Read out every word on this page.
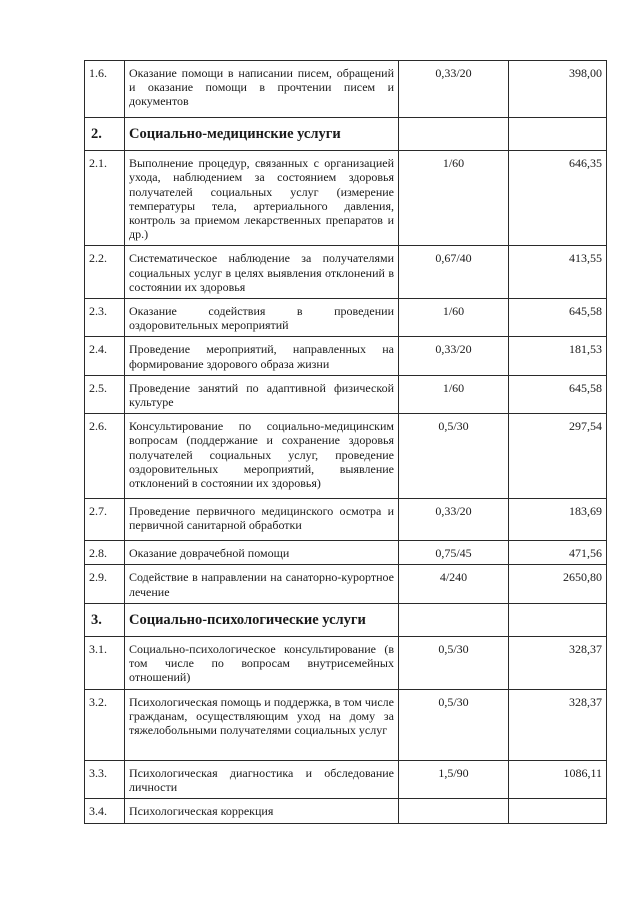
1.6.	Оказание помощи в написании писем, обращений и оказание помощи в прочтении писем и документов	0,33/20	398,00
2.	Социально-медицинские услуги		
2.1.	Выполнение процедур, связанных с организацией ухода, наблюдением за состоянием здоровья получателей социальных услуг (измерение температуры тела, артериального давления, контроль за приемом лекарственных препаратов и др.)	1/60	646,35
2.2.	Систематическое наблюдение за получателями социальных услуг в целях выявления отклонений в состоянии их здоровья	0,67/40	413,55
2.3.	Оказание содействия в проведении оздоровительных мероприятий	1/60	645,58
2.4.	Проведение мероприятий, направленных на формирование здорового образа жизни	0,33/20	181,53
2.5.	Проведение занятий по адаптивной физической культуре	1/60	645,58
2.6.	Консультирование по социально-медицинским вопросам (поддержание и сохранение здоровья получателей социальных услуг, проведение оздоровительных мероприятий, выявление отклонений в состоянии их здоровья)	0,5/30	297,54
2.7.	Проведение первичного медицинского осмотра и первичной санитарной обработки	0,33/20	183,69
2.8.	Оказание доврачебной помощи	0,75/45	471,56
2.9.	Содействие в направлении на санаторно-курортное лечение	4/240	2650,80
3.	Социально-психологические услуги		
3.1.	Социально-психологическое консультирование (в том числе по вопросам внутрисемейных отношений)	0,5/30	328,37
3.2.	Психологическая помощь и поддержка, в том числе гражданам, осуществляющим уход на дому за тяжелобольными получателями социальных услуг	0,5/30	328,37
3.3.	Психологическая диагностика и обследование личности	1,5/90	1086,11
3.4.	Психологическая коррекция		
